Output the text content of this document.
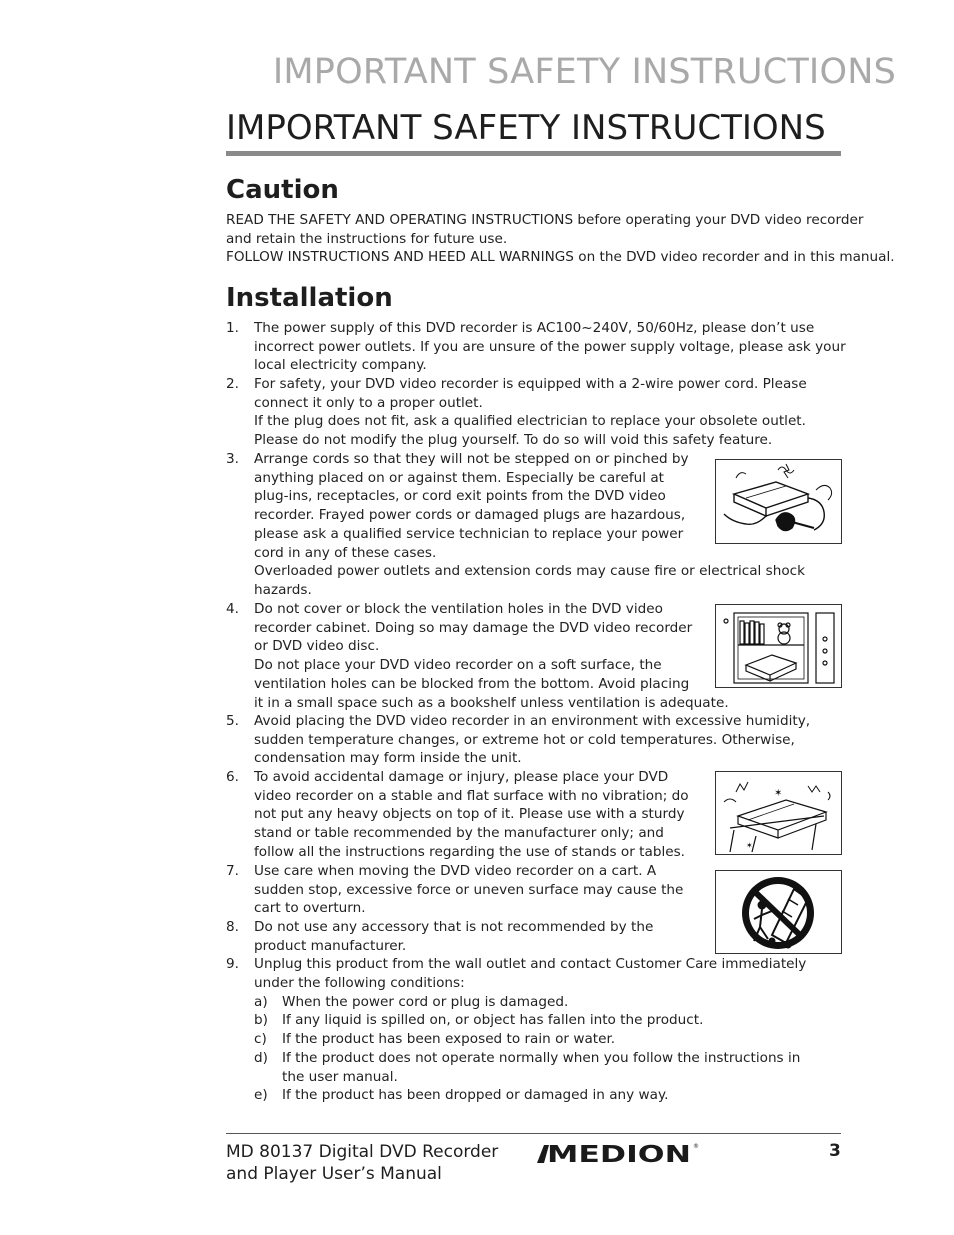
IMPORTANT SAFETY INSTRUCTIONS
IMPORTANT SAFETY INSTRUCTIONS
Caution
READ THE SAFETY AND OPERATING INSTRUCTIONS before operating your DVD video recorder
and retain the instructions for future use.
FOLLOW INSTRUCTIONS AND HEED ALL WARNINGS on the DVD video recorder and in this manual.
Installation
1. The power supply of this DVD recorder is AC100~240V, 50/60Hz, please don’t use
incorrect power outlets. If you are unsure of the power supply voltage, please ask your
local electricity company.
2. For safety, your DVD video recorder is equipped with a 2-wire power cord. Please
connect it only to a proper outlet.
If the plug does not fit, ask a qualified electrician to replace your obsolete outlet.
Please do not modify the plug yourself. To do so will void this safety feature.
3. Arrange cords so that they will not be stepped on or pinched by
anything placed on or against them. Especially be careful at
plug-ins, receptacles, or cord exit points from the DVD video
recorder. Frayed power cords or damaged plugs are hazardous,
please ask a qualified service technician to replace your power
cord in any of these cases.
Overloaded power outlets and extension cords may cause fire or electrical shock
hazards.
4. Do not cover or block the ventilation holes in the DVD video
recorder cabinet. Doing so may damage the DVD video recorder
or DVD video disc.
Do not place your DVD video recorder on a soft surface, the
ventilation holes can be blocked from the bottom. Avoid placing
it in a small space such as a bookshelf unless ventilation is adequate.
5. Avoid placing the DVD video recorder in an environment with excessive humidity,
sudden temperature changes, or extreme hot or cold temperatures. Otherwise,
condensation may form inside the unit.
6. To avoid accidental damage or injury, please place your DVD
video recorder on a stable and flat surface with no vibration; do
not put any heavy objects on top of it. Please use with a sturdy
stand or table recommended by the manufacturer only; and
follow all the instructions regarding the use of stands or tables.
7. Use care when moving the DVD video recorder on a cart. A
sudden stop, excessive force or uneven surface may cause the
cart to overturn.
8. Do not use any accessory that is not recommended by the
product manufacturer.
9. Unplug this product from the wall outlet and contact Customer Care immediately
under the following conditions:
a) When the power cord or plug is damaged.
b) If any liquid is spilled on, or object has fallen into the product.
c) If the product has been exposed to rain or water.
d) If the product does not operate normally when you follow the instructions in
the user manual.
e) If the product has been dropped or damaged in any way.
✶
✶
MD 80137 Digital DVD Recorder
and Player User’s Manual
MEDION ®	3
